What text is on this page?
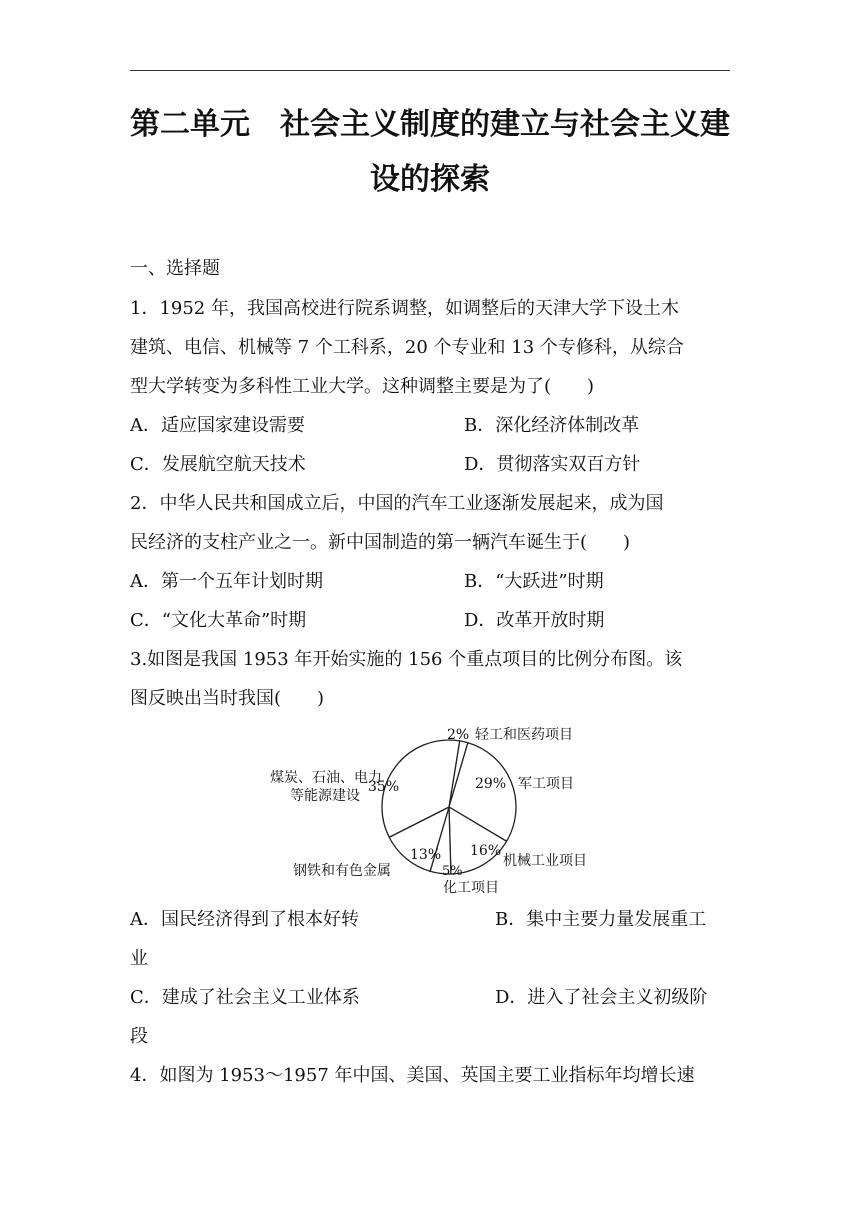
第二单元　社会主义制度的建立与社会主义建
设的探索
一、选择题
1．1952 年，我国高校进行院系调整，如调整后的天津大学下设土木
建筑、电信、机械等 7 个工科系，20 个专业和 13 个专修科，从综合
型大学转变为多科性工业大学。这种调整主要是为了(　　)
A．适应国家建设需要	B．深化经济体制改革
C．发展航空航天技术	D．贯彻落实双百方针
2．中华人民共和国成立后，中国的汽车工业逐渐发展起来，成为国
民经济的支柱产业之一。新中国制造的第一辆汽车诞生于(　　)
A．第一个五年计划时期	B．“大跃进”时期
C．“文化大革命”时期	D．改革开放时期
3.如图是我国 1953 年开始实施的 156 个重点项目的比例分布图。该
图反映出当时我国(　　)
2% 轻工和医药项目
29% 军工项目
16%
机械工业项目
5%
化工项目
13%
钢铁和有色金属
35%
煤炭、石油、电力
等能源建设
A．国民经济得到了根本好转	B．集中主要力量发展重工
业
C．建成了社会主义工业体系	D．进入了社会主义初级阶
段
4．如图为 1953～1957 年中国、美国、英国主要工业指标年均增长速
